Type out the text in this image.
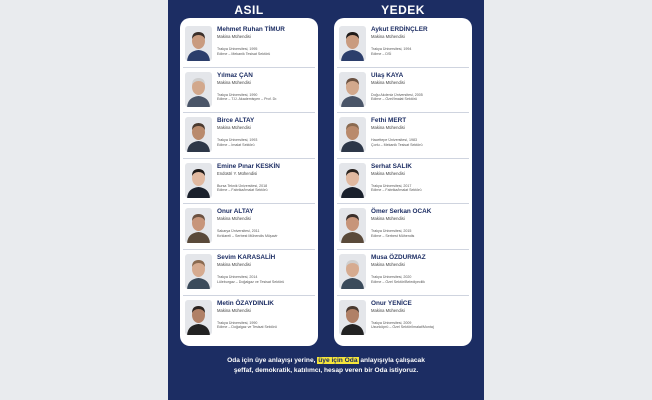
ASIL	YEDEK
Mehmet Ruhan TİMUR
Makina Mühendisi
Trakya Üniversitesi, 1995
Edirne – Mekanik Tesisat Sektörü
Yılmaz ÇAN
Makina Mühendisi
Trakya Üniversitesi, 1990
Edirne – T.Ü. Akademisyen – Prof. Dr.
Birce ALTAY
Makina Mühendisi
Trakya Üniversitesi, 1993
Edirne – İmalat Sektörü
Emine Pınar KESKİN
Endüstri Y. Mühendisi
Bursa Teknik Üniversitesi, 2018
Edirne – Fabrika/İmalat Sektörü
Onur ALTAY
Makina Mühendisi
Sakarya Üniversitesi, 2011
Kırklareli – Serbest Mühendis Müşavir
Sevim KARASALİH
Makina Mühendisi
Trakya Üniversitesi, 2014
Lüleburgaz – Doğalgaz ve Tesisat Sektörü
Metin ÖZAYDINLIK
Makina Mühendisi
Trakya Üniversitesi, 1990
Edirne – Doğalgaz ve Tesisat Sektörü
Aykut ERDİNÇLER
Makina Mühendisi
Trakya Üniversitesi, 1994
Edirne – DSİ
Ulaş KAYA
Makina Mühendisi
Doğu Akdeniz Üniversitesi, 2005
Edirne – Özel/İmalat Sektörü
Fethi MERT
Makina Mühendisi
Hacettepe Üniversitesi, 1983
Çorlu – Mekanik Tesisat Sektörü
Serhat SALIK
Makina Mühendisi
Trakya Üniversitesi, 2017
Edirne – Fabrika/İmalat Sektörü
Ömer Serkan OCAK
Makina Mühendisi
Trakya Üniversitesi, 2015
Edirne – Serbest Mühendis
Musa ÖZDURMAZ
Makina Mühendisi
Trakya Üniversitesi, 2020
Edirne – Özel Sektör/Belediyecilik
Onur YENİCE
Makina Mühendisi
Trakya Üniversitesi, 2009
Uzunköprü – Özel Sektör/İmalat/Montaj
Oda için üye anlayışı yerine, üye için Oda anlayışıyla çalışacak
şeffaf, demokratik, katılımcı, hesap veren bir Oda istiyoruz.
